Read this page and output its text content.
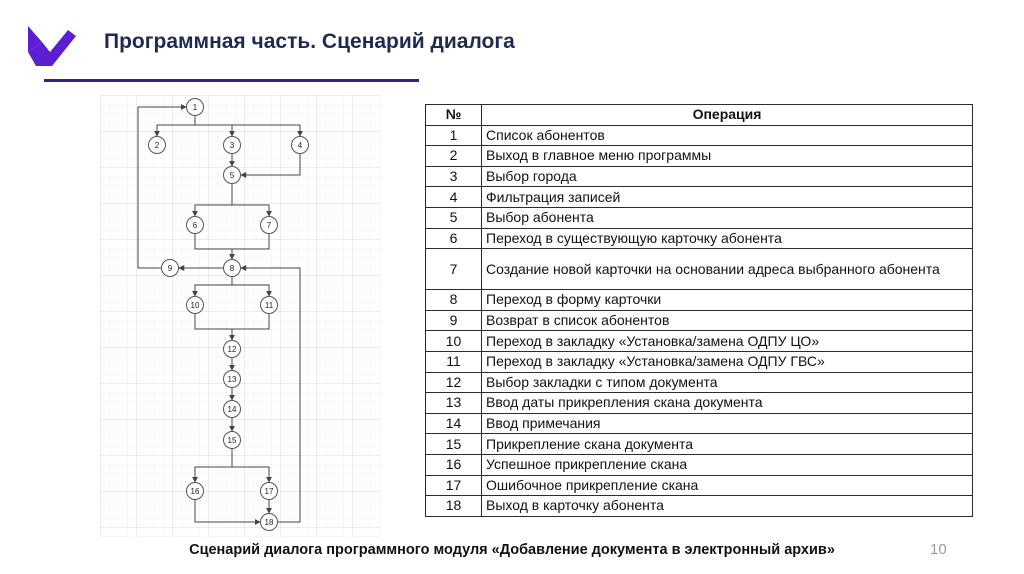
Программная часть. Сценарий диалога
1
2	3	4
5
6	7
8
9
10	11
12
13
14
15
16	17
18
№	Операция
1	Список абонентов
2	Выход в главное меню программы
3	Выбор города
4	Фильтрация записей
5	Выбор абонента
6	Переход в существующую карточку абонента
7	Создание новой карточки на основании адреса выбранного абонента
8	Переход в форму карточки
9	Возврат в список абонентов
10	Переход в закладку «Установка/замена ОДПУ ЦО»
11	Переход в закладку «Установка/замена ОДПУ ГВС»
12	Выбор закладки с типом документа
13	Ввод даты прикрепления скана документа
14	Ввод примечания
15	Прикрепление скана документа
16	Успешное прикрепление скана
17	Ошибочное прикрепление скана
18	Выход в карточку абонента
Сценарий диалога программного модуля «Добавление документа в электронный архив»	10
